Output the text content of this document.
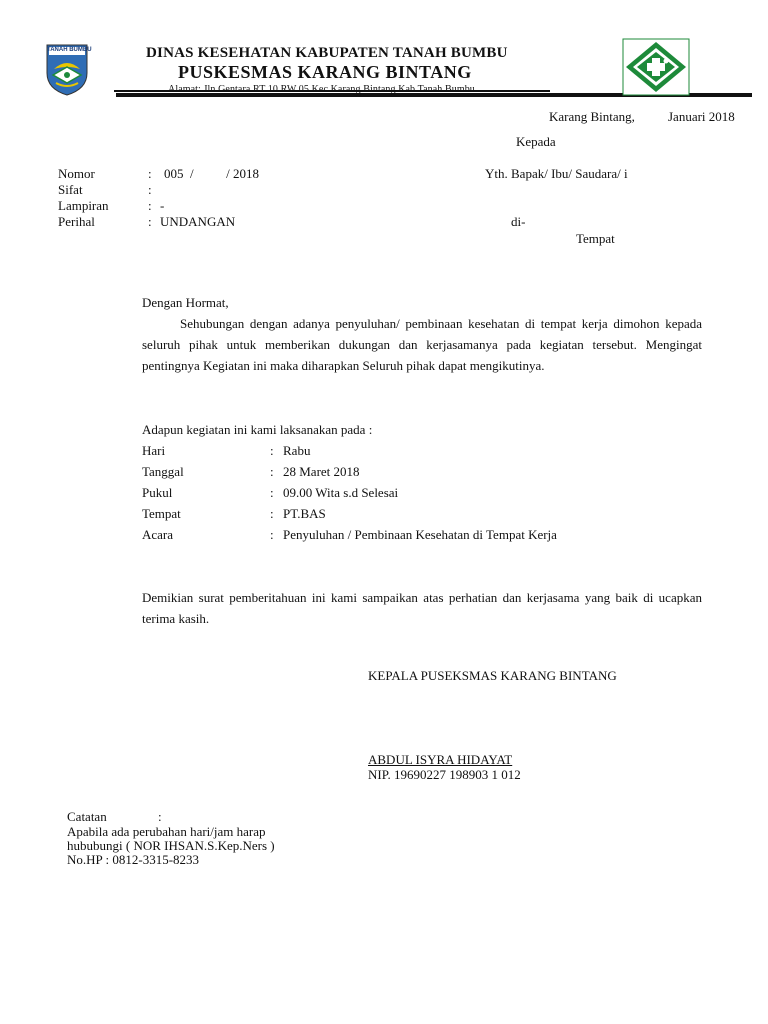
TANAH BUMBU	DINAS KESEHATAN KABUPATEN TANAH BUMBU
PUSKESMAS KARANG BINTANG
Karang Bintang,	Januari 2018
Kepada
Yth. Bapak/ Ibu/ Saudara/ i
di-
Tempat
Nomor	: 005  /          / 2018
Sifat	:
Lampiran	: -
Perihal	: UNDANGAN
Dengan Hormat,
Sehubungan dengan adanya penyuluhan/ pembinaan kesehatan di tempat kerja dimohon kepada seluruh pihak untuk memberikan dukungan dan kerjasamanya pada kegiatan tersebut. Mengingat pentingnya Kegiatan ini maka diharapkan Seluruh pihak dapat mengikutinya.
Adapun kegiatan ini kami laksanakan pada :
Hari	: Rabu
Tanggal	: 28 Maret 2018
Pukul	: 09.00 Wita s.d Selesai
Tempat	: PT.BAS
Acara	: Penyuluhan / Pembinaan Kesehatan di Tempat Kerja
Demikian surat pemberitahuan ini kami sampaikan atas perhatian dan kerjasama yang baik di ucapkan terima kasih.
KEPALA PUSEKSMAS KARANG BINTANG
ABDUL ISYRA HIDAYAT
NIP. 19690227 198903 1 012
Catatan	:
Apabila ada perubahan hari/jam harap
hububungi ( NOR IHSAN.S.Kep.Ners )
No.HP : 0812-3315-8233
